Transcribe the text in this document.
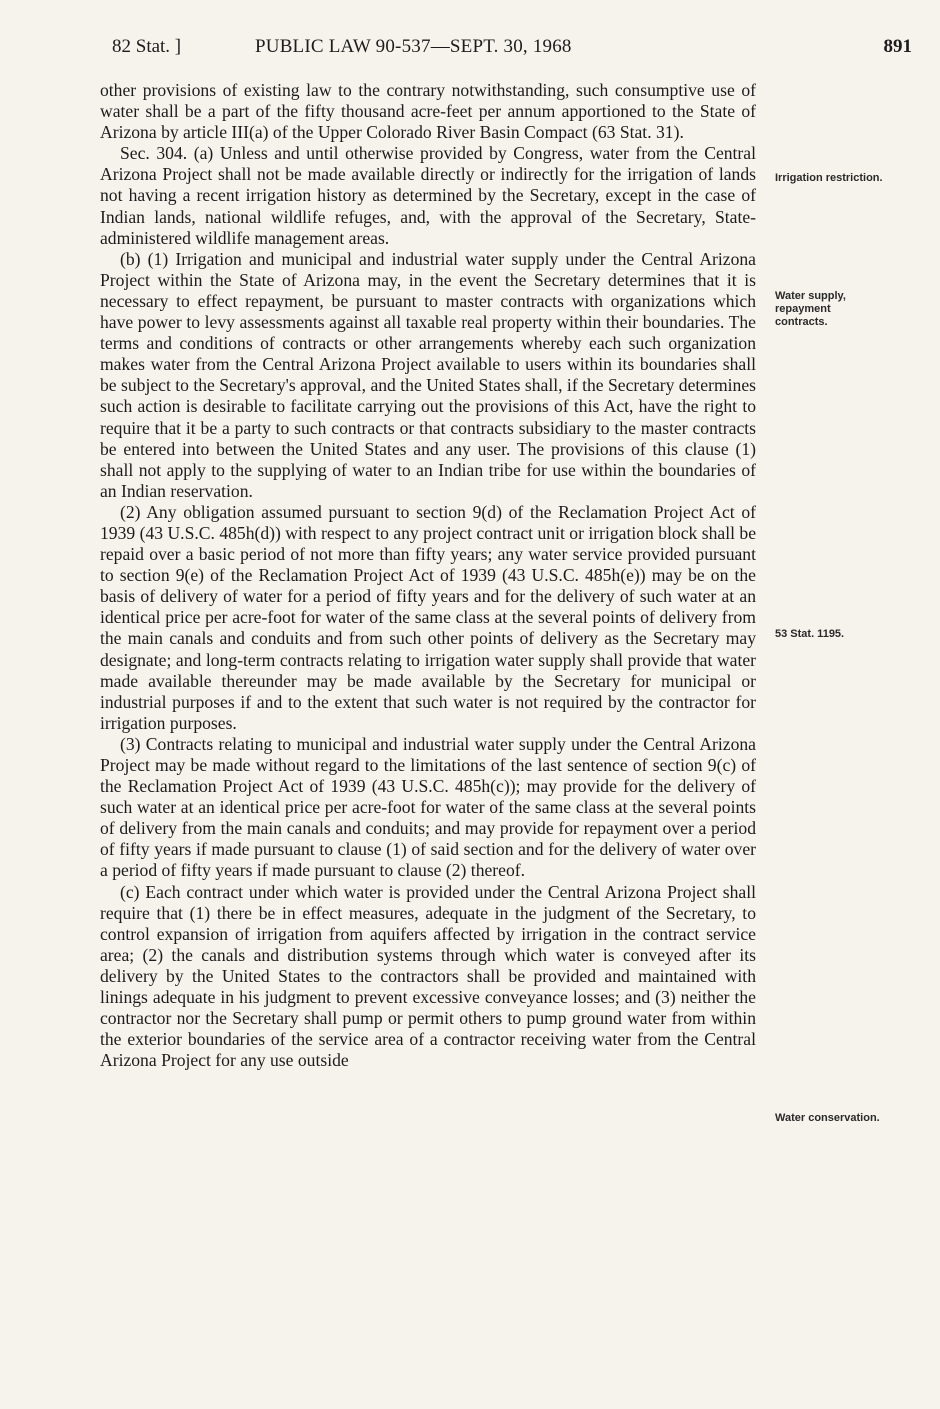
82 Stat. ]	PUBLIC LAW 90-537—SEPT. 30, 1968	891

other provisions of existing law to the contrary notwithstanding, such consumptive use of water shall be a part of the fifty thousand acre-feet per annum apportioned to the State of Arizona by article III(a) of the Upper Colorado River Basin Compact (63 Stat. 31).

Sec. 304. (a) Unless and until otherwise provided by Congress, water from the Central Arizona Project shall not be made available directly or indirectly for the irrigation of lands not having a recent irrigation history as determined by the Secretary, except in the case of Indian lands, national wildlife refuges, and, with the approval of the Secretary, State-administered wildlife management areas.

(b) (1) Irrigation and municipal and industrial water supply under the Central Arizona Project within the State of Arizona may, in the event the Secretary determines that it is necessary to effect repayment, be pursuant to master contracts with organizations which have power to levy assessments against all taxable real property within their boundaries. The terms and conditions of contracts or other arrangements whereby each such organization makes water from the Central Arizona Project available to users within its boundaries shall be subject to the Secretary's approval, and the United States shall, if the Secretary determines such action is desirable to facilitate carrying out the provisions of this Act, have the right to require that it be a party to such contracts or that contracts subsidiary to the master contracts be entered into between the United States and any user. The provisions of this clause (1) shall not apply to the supplying of water to an Indian tribe for use within the boundaries of an Indian reservation.

(2) Any obligation assumed pursuant to section 9(d) of the Reclamation Project Act of 1939 (43 U.S.C. 485h(d)) with respect to any project contract unit or irrigation block shall be repaid over a basic period of not more than fifty years; any water service provided pursuant to section 9(e) of the Reclamation Project Act of 1939 (43 U.S.C. 485h(e)) may be on the basis of delivery of water for a period of fifty years and for the delivery of such water at an identical price per acre-foot for water of the same class at the several points of delivery from the main canals and conduits and from such other points of delivery as the Secretary may designate; and long-term contracts relating to irrigation water supply shall provide that water made available thereunder may be made available by the Secretary for municipal or industrial purposes if and to the extent that such water is not required by the contractor for irrigation purposes.

(3) Contracts relating to municipal and industrial water supply under the Central Arizona Project may be made without regard to the limitations of the last sentence of section 9(c) of the Reclamation Project Act of 1939 (43 U.S.C. 485h(c)); may provide for the delivery of such water at an identical price per acre-foot for water of the same class at the several points of delivery from the main canals and conduits; and may provide for repayment over a period of fifty years if made pursuant to clause (1) of said section and for the delivery of water over a period of fifty years if made pursuant to clause (2) thereof.

(c) Each contract under which water is provided under the Central Arizona Project shall require that (1) there be in effect measures, adequate in the judgment of the Secretary, to control expansion of irrigation from aquifers affected by irrigation in the contract service area; (2) the canals and distribution systems through which water is conveyed after its delivery by the United States to the contractors shall be provided and maintained with linings adequate in his judgment to prevent excessive conveyance losses; and (3) neither the contractor nor the Secretary shall pump or permit others to pump ground water from within the exterior boundaries of the service area of a contractor receiving water from the Central Arizona Project for any use outside

Irrigation restriction.
Water supply, repayment contracts.
53 Stat. 1195.
Water conservation.
